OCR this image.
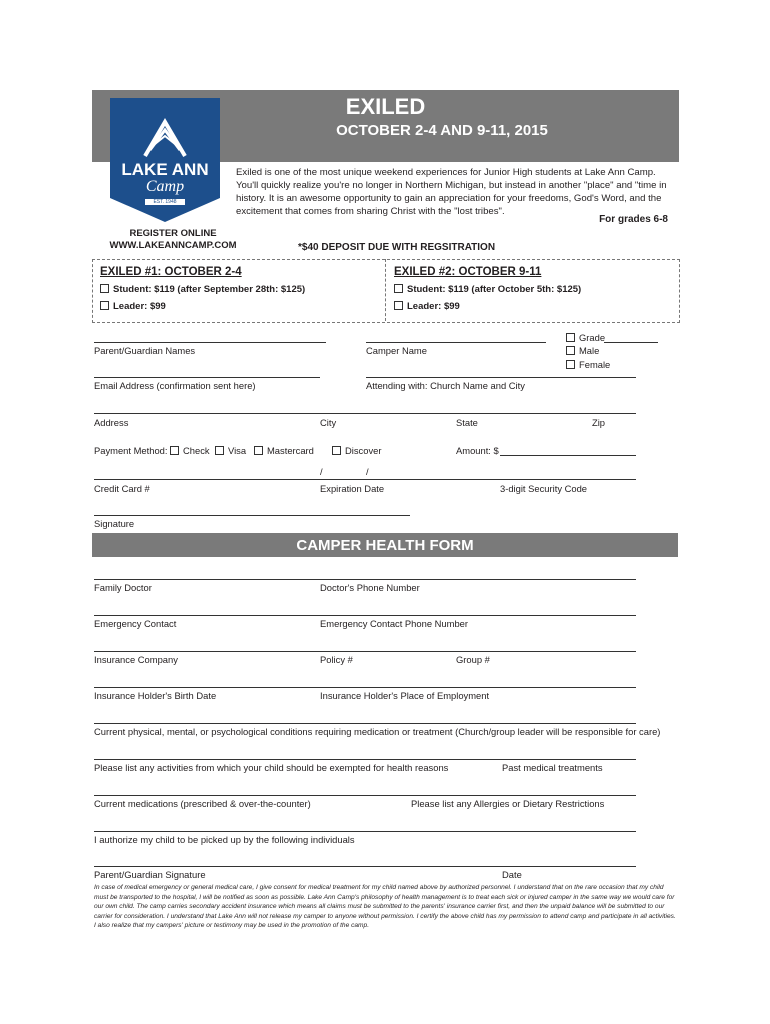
EXILED
OCTOBER 2-4 AND 9-11, 2015
LAKE ANN
Camp
EST. 1948
Exiled is one of the most unique weekend experiences for Junior High students at Lake Ann Camp. You'll quickly realize you're no longer in Northern Michigan, but instead in another "place" and "time in history. It is an awesome opportunity to gain an appreciation for your freedoms, God's Word, and the excitement that comes from sharing Christ with the "lost tribes".
For grades 6-8
REGISTER ONLINE
WWW.LAKEANNCAMP.COM	*$40 DEPOSIT DUE WITH REGSITRATION
EXILED #1: OCTOBER 2-4
Student: $119 (after September 28th: $125)
Leader: $99
EXILED #2: OCTOBER 9-11
Student: $119 (after October 5th: $125)
Leader: $99
Parent/Guardian Names	Camper Name
Grade
Male
Female
Email Address (confirmation sent here)	Attending with: Church Name and City
Address	City	State	Zip
Payment Method:	Check	Visa	Mastercard	Discover	Amount: $
/	/
Credit Card #	Expiration Date	3-digit Security Code
Signature
CAMPER HEALTH FORM
Family Doctor	Doctor's Phone Number
Emergency Contact	Emergency Contact Phone Number
Insurance Company	Policy #	Group #
Insurance Holder's Birth Date	Insurance Holder's Place of Employment
Current physical, mental, or psychological conditions requiring medication or treatment (Church/group leader will be responsible for care)
Please list any activities from which your child should be exempted for health reasons	Past medical treatments
Current medications (prescribed & over-the-counter)	Please list any Allergies or Dietary Restrictions
I authorize my child to be picked up by the following individuals
Parent/Guardian Signature	Date
In case of medical emergency or general medical care, I give consent for medical treatment for my child named above by authorized personnel. I understand that on the rare occasion that my child must be transported to the hospital, I will be notified as soon as possible. Lake Ann Camp's philosophy of health management is to treat each sick or injured camper in the same way we would care for our own child. The camp carries secondary accident insurance which means all claims must be submitted to the parents' insurance carrier first, and then the unpaid balance will be submitted to our carrier for consideration. I understand that Lake Ann will not release my camper to anyone without permission. I certify the above child has my permission to attend camp and participate in all activities. I also realize that my campers' picture or testimony may be used in the promotion of the camp.
